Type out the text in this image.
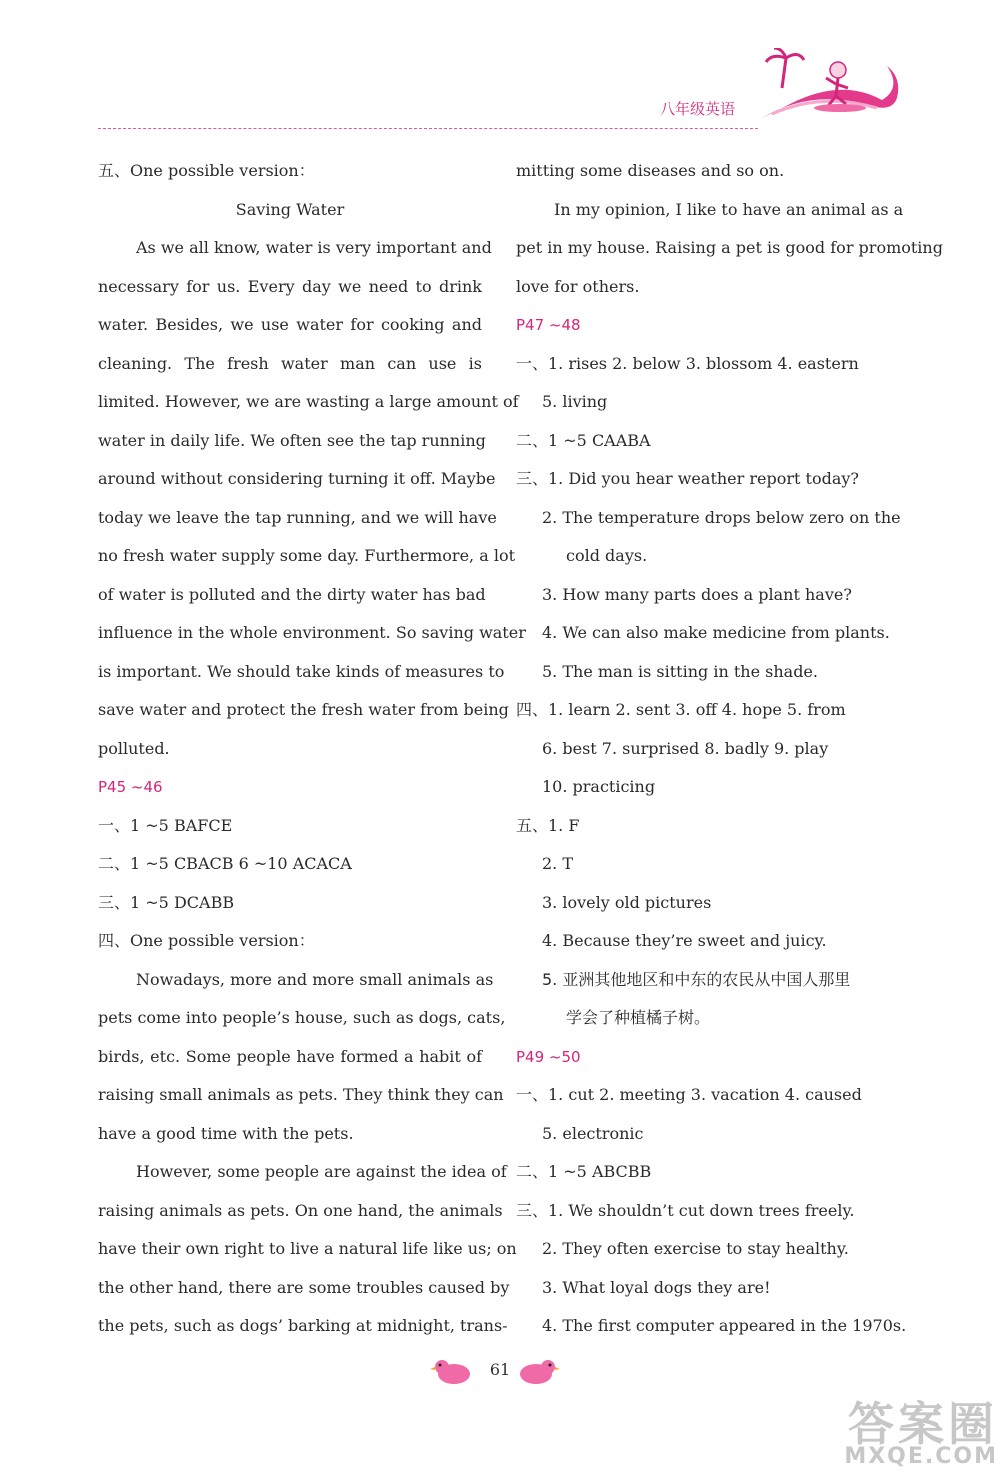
八年级英语
五、One possible version：
Saving Water
As we all know, water is very important and
necessary for us. Every day we need to drink
water. Besides, we use water for cooking and
cleaning. The fresh water man can use is
limited. However, we are wasting a large amount of
water in daily life. We often see the tap running
around without considering turning it off. Maybe
today we leave the tap running, and we will have
no fresh water supply some day. Furthermore, a lot
of water is polluted and the dirty water has bad
influence in the whole environment. So saving water
is important. We should take kinds of measures to
save water and protect the fresh water from being
polluted.
P45 ~46
一、1 ~5 BAFCE
二、1 ~5 CBACB 6 ~10 ACACA
三、1 ~5 DCABB
四、One possible version：
Nowadays, more and more small animals as
pets come into people’s house, such as dogs, cats,
birds, etc. Some people have formed a habit of
raising small animals as pets. They think they can
have a good time with the pets.
However, some people are against the idea of
raising animals as pets. On one hand, the animals
have their own right to live a natural life like us; on
the other hand, there are some troubles caused by
the pets, such as dogs’ barking at midnight, trans-
mitting some diseases and so on.
In my opinion, I like to have an animal as a
pet in my house. Raising a pet is good for promoting
love for others.
P47 ~48
一、1. rises 2. below 3. blossom 4. eastern
5. living
二、1 ~5 CAABA
三、1. Did you hear weather report today?
2. The temperature drops below zero on the
cold days.
3. How many parts does a plant have?
4. We can also make medicine from plants.
5. The man is sitting in the shade.
四、1. learn 2. sent 3. off 4. hope 5. from
6. best 7. surprised 8. badly 9. play
10. practicing
五、1. F
2. T
3. lovely old pictures
4. Because they’re sweet and juicy.
5. 亚洲其他地区和中东的农民从中国人那里
学会了种植橘子树。
P49 ~50
一、1. cut 2. meeting 3. vacation 4. caused
5. electronic
二、1 ~5 ABCBB
三、1. We shouldn’t cut down trees freely.
2. They often exercise to stay healthy.
3. What loyal dogs they are!
4. The first computer appeared in the 1970s.
61
答案圈
MXQE.COM
